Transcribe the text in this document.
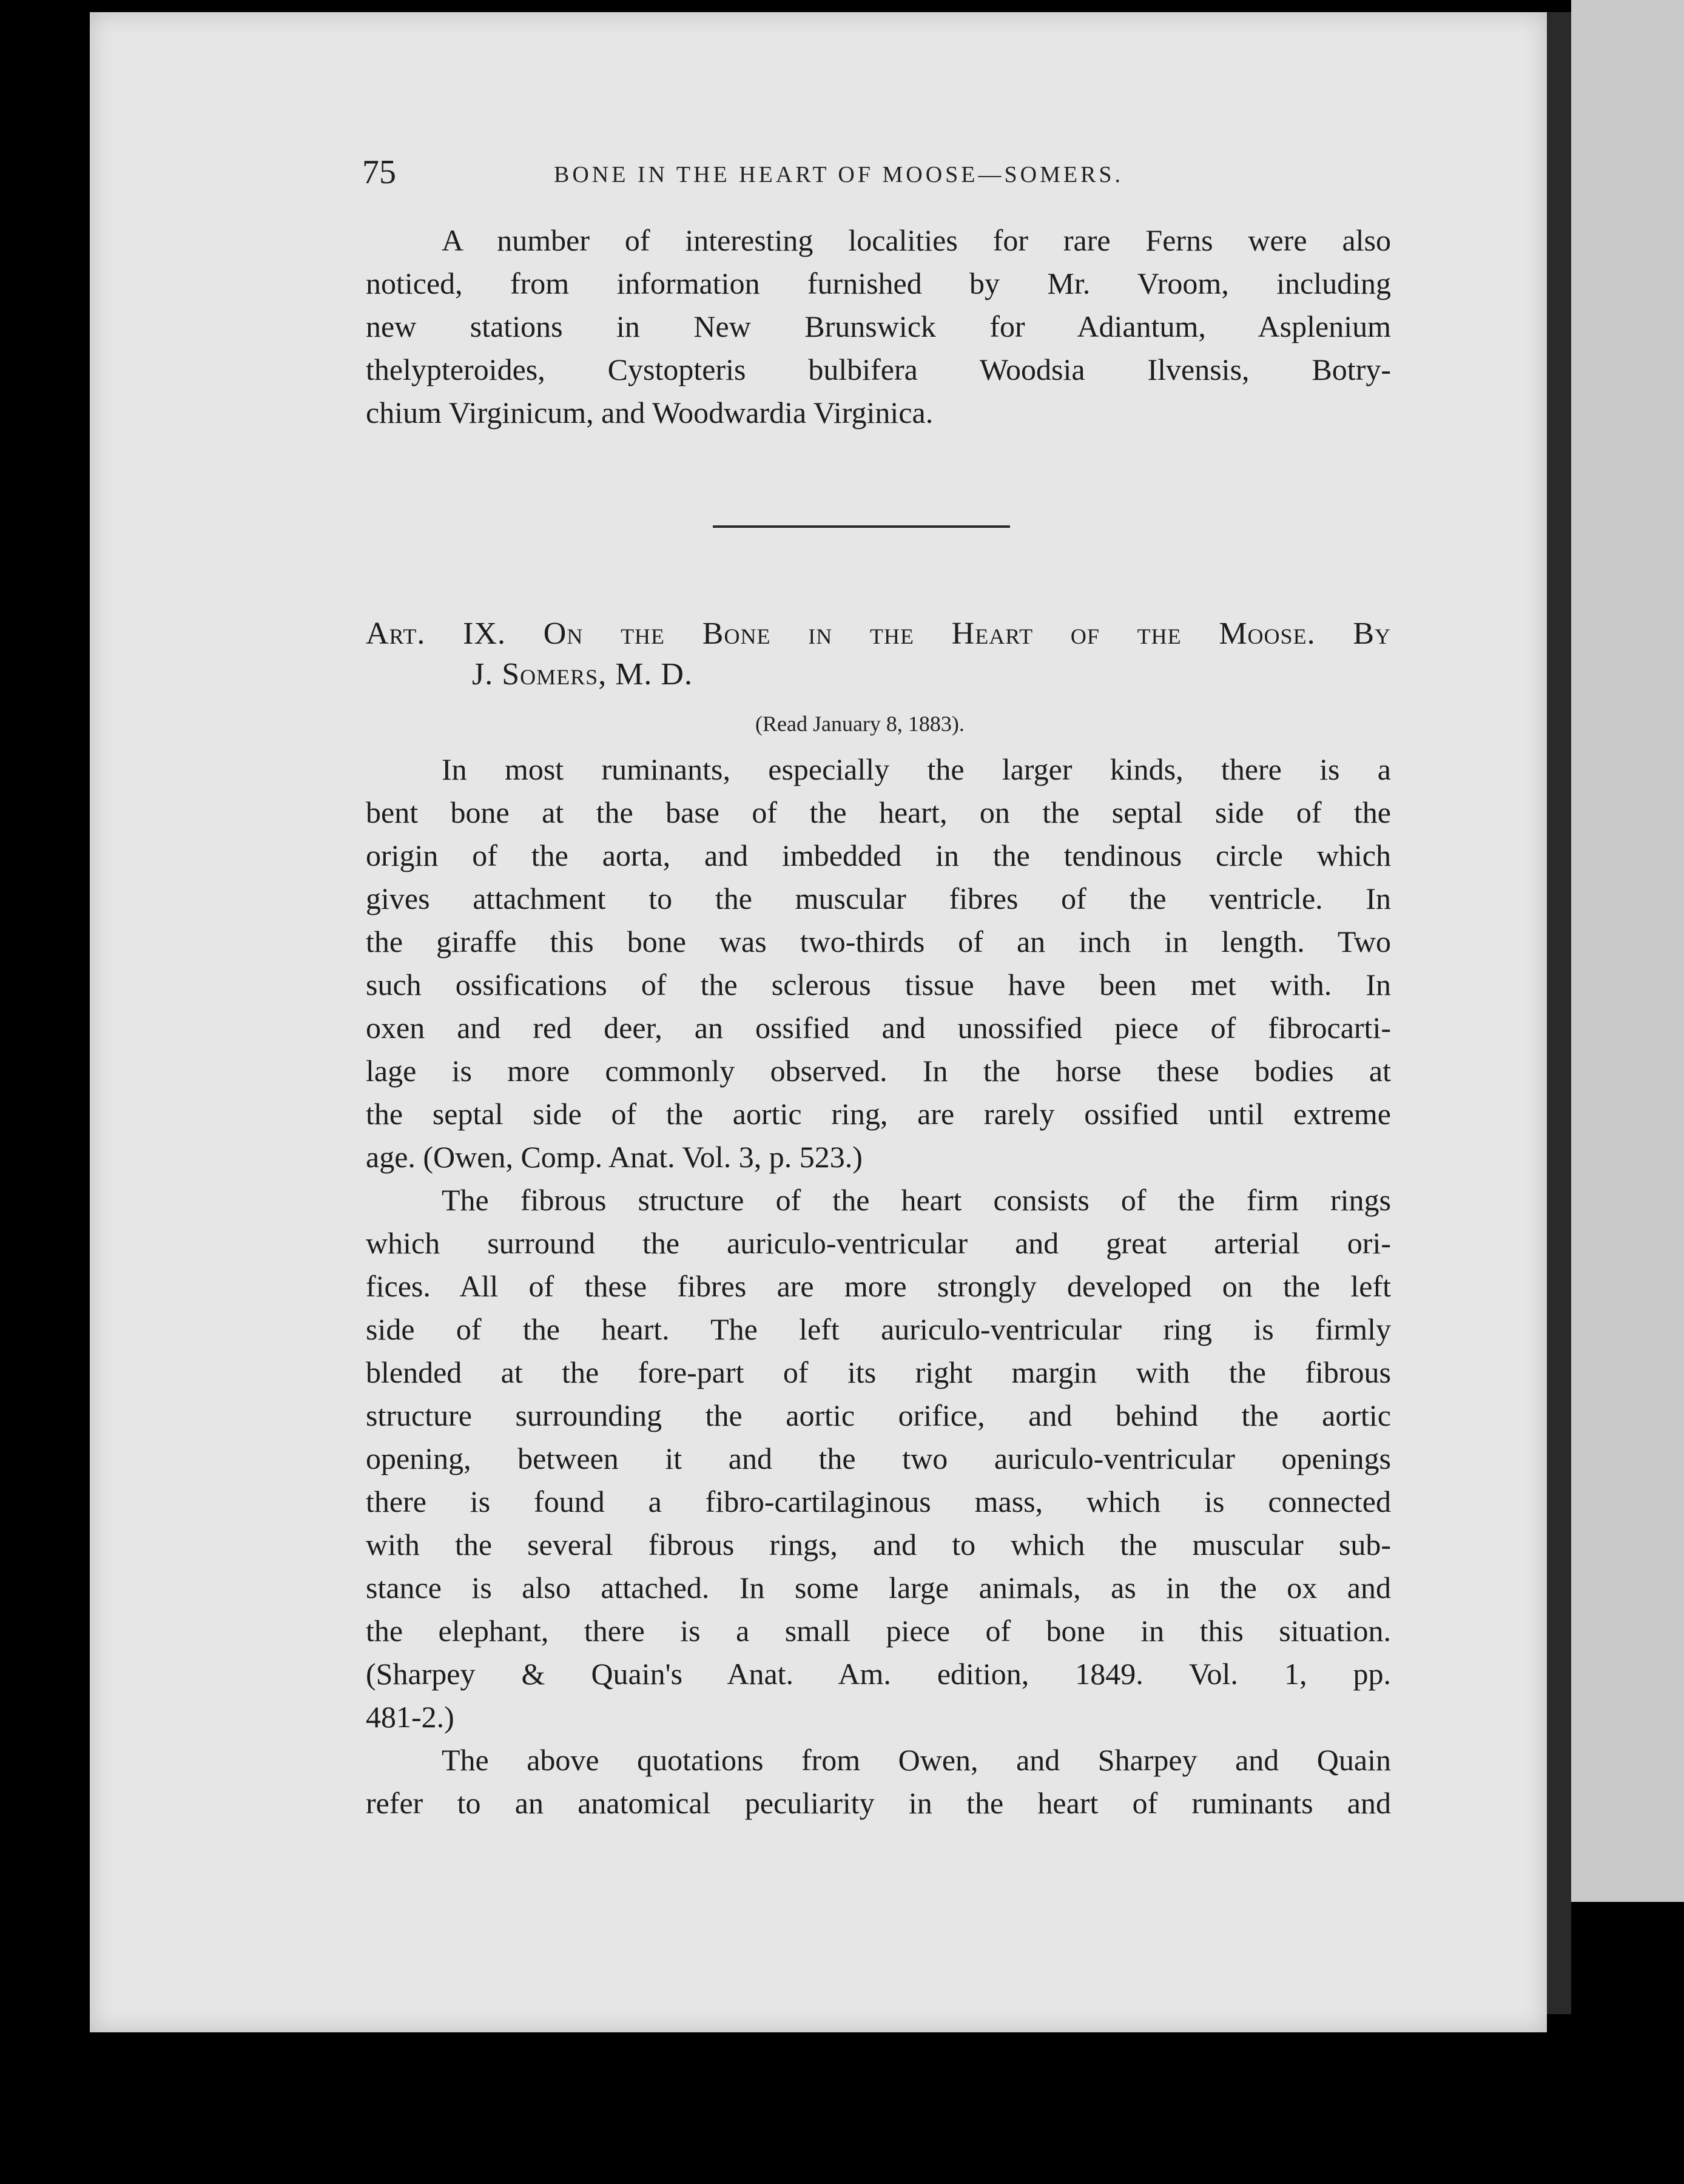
75	BONE IN THE HEART OF MOOSE—SOMERS.
A number of interesting localities for rare Ferns were also
noticed, from information furnished by Mr. Vroom, including
new stations in New Brunswick for Adiantum, Asplenium
thelypteroides, Cystopteris bulbifera Woodsia Ilvensis, Botry-
chium Virginicum, and Woodwardia Virginica.
Art. IX. On the Bone in the Heart of the Moose. By
J. Somers, M. D.
(Read January 8, 1883).
In most ruminants, especially the larger kinds, there is a
bent bone at the base of the heart, on the septal side of the
origin of the aorta, and imbedded in the tendinous circle which
gives attachment to the muscular fibres of the ventricle. In
the giraffe this bone was two-thirds of an inch in length. Two
such ossifications of the sclerous tissue have been met with. In
oxen and red deer, an ossified and unossified piece of fibrocarti-
lage is more commonly observed. In the horse these bodies at
the septal side of the aortic ring, are rarely ossified until extreme
age. (Owen, Comp. Anat. Vol. 3, p. 523.)
The fibrous structure of the heart consists of the firm rings
which surround the auriculo-ventricular and great arterial ori-
fices. All of these fibres are more strongly developed on the left
side of the heart. The left auriculo-ventricular ring is firmly
blended at the fore-part of its right margin with the fibrous
structure surrounding the aortic orifice, and behind the aortic
opening, between it and the two auriculo-ventricular openings
there is found a fibro-cartilaginous mass, which is connected
with the several fibrous rings, and to which the muscular sub-
stance is also attached. In some large animals, as in the ox and
the elephant, there is a small piece of bone in this situation.
(Sharpey & Quain's Anat. Am. edition, 1849. Vol. 1, pp.
481-2.)
The above quotations from Owen, and Sharpey and Quain
refer to an anatomical peculiarity in the heart of ruminants and
